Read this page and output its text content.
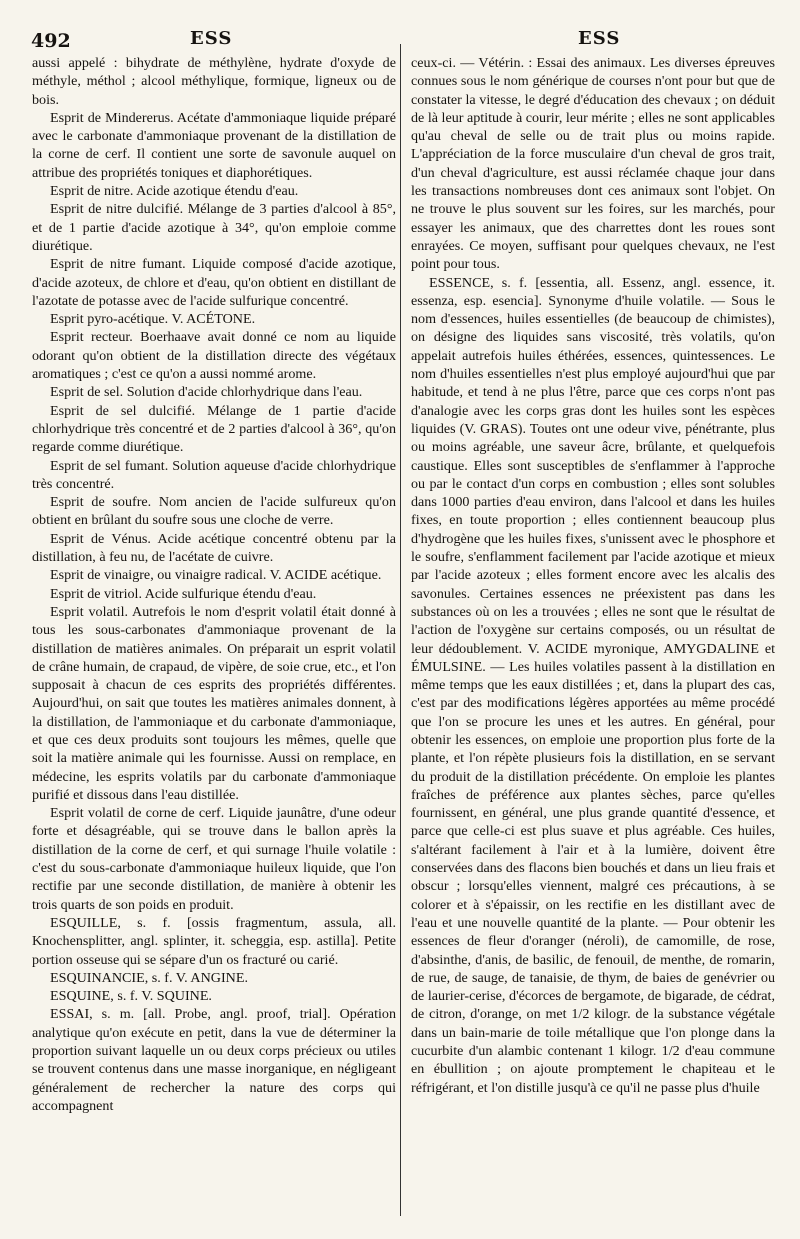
492	ESS	ESS

aussi appelé : bihydrate de méthylène, hydrate d'oxyde de méthyle, méthol ; alcool méthylique, formique, ligneux ou de bois.

Esprit de Mindererus. Acétate d'ammoniaque liquide préparé avec le carbonate d'ammoniaque provenant de la distillation de la corne de cerf. Il contient une sorte de savonule auquel on attribue des propriétés toniques et diaphorétiques.

Esprit de nitre. Acide azotique étendu d'eau.

Esprit de nitre dulcifié. Mélange de 3 parties d'alcool à 85°, et de 1 partie d'acide azotique à 34°, qu'on emploie comme diurétique.

Esprit de nitre fumant. Liquide composé d'acide azotique, d'acide azoteux, de chlore et d'eau, qu'on obtient en distillant de l'azotate de potasse avec de l'acide sulfurique concentré.

Esprit pyro-acétique. V. ACÉTONE.

Esprit recteur. Boerhaave avait donné ce nom au liquide odorant qu'on obtient de la distillation directe des végétaux aromatiques ; c'est ce qu'on a aussi nommé arome.

Esprit de sel. Solution d'acide chlorhydrique dans l'eau.

Esprit de sel dulcifié. Mélange de 1 partie d'acide chlorhydrique très concentré et de 2 parties d'alcool à 36°, qu'on regarde comme diurétique.

Esprit de sel fumant. Solution aqueuse d'acide chlorhydrique très concentré.

Esprit de soufre. Nom ancien de l'acide sulfureux qu'on obtient en brûlant du soufre sous une cloche de verre.

Esprit de Vénus. Acide acétique concentré obtenu par la distillation, à feu nu, de l'acétate de cuivre.

Esprit de vinaigre, ou vinaigre radical. V. ACIDE acétique.

Esprit de vitriol. Acide sulfurique étendu d'eau.

Esprit volatil. Autrefois le nom d'esprit volatil était donné à tous les sous-carbonates d'ammoniaque provenant de la distillation de matières animales. On préparait un esprit volatil de crâne humain, de crapaud, de vipère, de soie crue, etc., et l'on supposait à chacun de ces esprits des propriétés différentes. Aujourd'hui, on sait que toutes les matières animales donnent, à la distillation, de l'ammoniaque et du carbonate d'ammoniaque, et que ces deux produits sont toujours les mêmes, quelle que soit la matière animale qui les fournisse. Aussi on remplace, en médecine, les esprits volatils par du carbonate d'ammoniaque purifié et dissous dans l'eau distillée.

Esprit volatil de corne de cerf. Liquide jaunâtre, d'une odeur forte et désagréable, qui se trouve dans le ballon après la distillation de la corne de cerf, et qui surnage l'huile volatile : c'est du sous-carbonate d'ammoniaque huileux liquide, que l'on rectifie par une seconde distillation, de manière à obtenir les trois quarts de son poids en produit.

ESQUILLE, s. f. [ossis fragmentum, assula, all. Knochensplitter, angl. splinter, it. scheggia, esp. astilla]. Petite portion osseuse qui se sépare d'un os fracturé ou carié.

ESQUINANCIE, s. f. V. ANGINE.

ESQUINE, s. f. V. SQUINE.

ESSAI, s. m. [all. Probe, angl. proof, trial]. Opération analytique qu'on exécute en petit, dans la vue de déterminer la proportion suivant laquelle un ou deux corps précieux ou utiles se trouvent contenus dans une masse inorganique, en négligeant généralement de rechercher la nature des corps qui accompagnent

ceux-ci. — Vétérin. : Essai des animaux. Les diverses épreuves connues sous le nom générique de courses n'ont pour but que de constater la vitesse, le degré d'éducation des chevaux ; on déduit de là leur aptitude à courir, leur mérite ; elles ne sont applicables qu'au cheval de selle ou de trait plus ou moins rapide. L'appréciation de la force musculaire d'un cheval de gros trait, d'un cheval d'agriculture, est aussi réclamée chaque jour dans les transactions nombreuses dont ces animaux sont l'objet. On ne trouve le plus souvent sur les foires, sur les marchés, pour essayer les animaux, que des charrettes dont les roues sont enrayées. Ce moyen, suffisant pour quelques chevaux, ne l'est point pour tous.

ESSENCE, s. f. [essentia, all. Essenz, angl. essence, it. essenza, esp. esencia]. Synonyme d'huile volatile. — Sous le nom d'essences, huiles essentielles (de beaucoup de chimistes), on désigne des liquides sans viscosité, très volatils, qu'on appelait autrefois huiles éthérées, essences, quintessences. Le nom d'huiles essentielles n'est plus employé aujourd'hui que par habitude, et tend à ne plus l'être, parce que ces corps n'ont pas d'analogie avec les corps gras dont les huiles sont les espèces liquides (V. GRAS). Toutes ont une odeur vive, pénétrante, plus ou moins agréable, une saveur âcre, brûlante, et quelquefois caustique. Elles sont susceptibles de s'enflammer à l'approche ou par le contact d'un corps en combustion ; elles sont solubles dans 1000 parties d'eau environ, dans l'alcool et dans les huiles fixes, en toute proportion ; elles contiennent beaucoup plus d'hydrogène que les huiles fixes, s'unissent avec le phosphore et le soufre, s'enflamment facilement par l'acide azotique et mieux par l'acide azoteux ; elles forment encore avec les alcalis des savonules. Certaines essences ne préexistent pas dans les substances où on les a trouvées ; elles ne sont que le résultat de l'action de l'oxygène sur certains composés, ou un résultat de leur dédoublement. V. ACIDE myronique, AMYGDALINE et ÉMULSINE. — Les huiles volatiles passent à la distillation en même temps que les eaux distillées ; et, dans la plupart des cas, c'est par des modifications légères apportées au même procédé que l'on se procure les unes et les autres. En général, pour obtenir les essences, on emploie une proportion plus forte de la plante, et l'on répète plusieurs fois la distillation, en se servant du produit de la distillation précédente. On emploie les plantes fraîches de préférence aux plantes sèches, parce qu'elles fournissent, en général, une plus grande quantité d'essence, et parce que celle-ci est plus suave et plus agréable. Ces huiles, s'altérant facilement à l'air et à la lumière, doivent être conservées dans des flacons bien bouchés et dans un lieu frais et obscur ; lorsqu'elles viennent, malgré ces précautions, à se colorer et à s'épaissir, on les rectifie en les distillant avec de l'eau et une nouvelle quantité de la plante. — Pour obtenir les essences de fleur d'oranger (néroli), de camomille, de rose, d'absinthe, d'anis, de basilic, de fenouil, de menthe, de romarin, de rue, de sauge, de tanaisie, de thym, de baies de genévrier ou de laurier-cerise, d'écorces de bergamote, de bigarade, de cédrat, de citron, d'orange, on met 1/2 kilogr. de la substance végétale dans un bain-marie de toile métallique que l'on plonge dans la cucurbite d'un alambic contenant 1 kilogr. 1/2 d'eau commune en ébullition ; on ajoute promptement le chapiteau et le réfrigérant, et l'on distille jusqu'à ce qu'il ne passe plus d'huile
